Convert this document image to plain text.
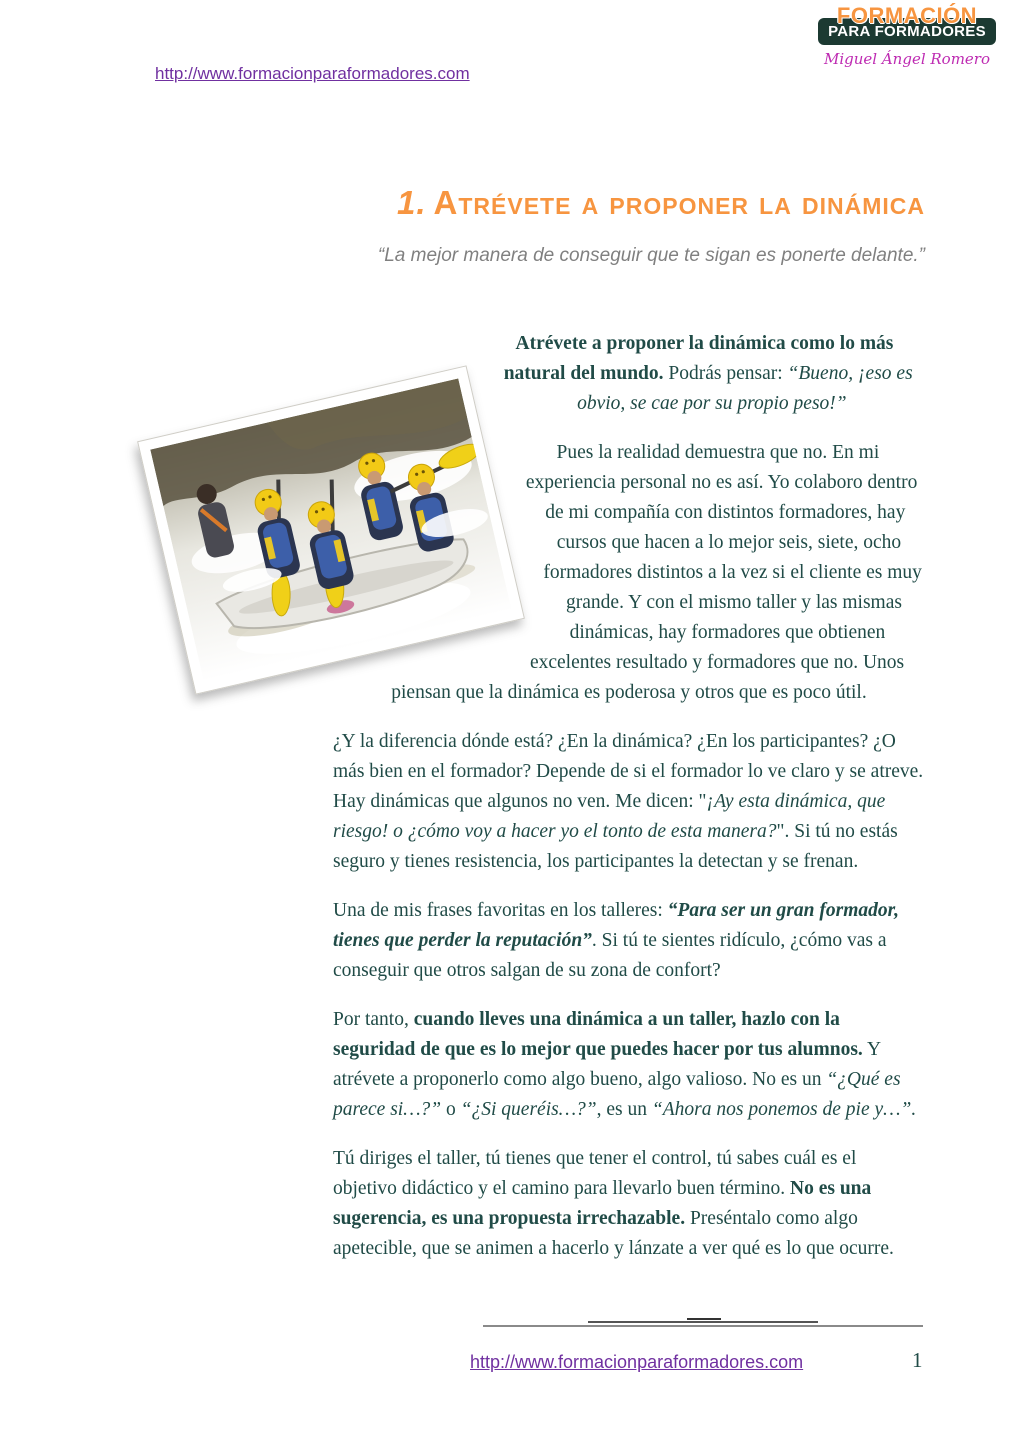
http://www.formacionparaformadores.com
FORMACIÓN
PARA FORMADORES
Miguel Ángel Romero
1. Atrévete a proponer la dinámica

“La mejor manera de conseguir que te sigan es ponerte delante.”

Atrévete a proponer la dinámica como lo más natural del mundo. Podrás pensar: “Bueno, ¡eso es obvio, se cae por su propio peso!”

Pues la realidad demuestra que no. En mi experiencia personal no es así. Yo colaboro dentro de mi compañía con distintos formadores, hay cursos que hacen a lo mejor seis, siete, ocho formadores distintos a la vez si el cliente es muy grande. Y con el mismo taller y las mismas dinámicas, hay formadores que obtienen excelentes resultado y formadores que no. Unos piensan que la dinámica es poderosa y otros que es poco útil.

¿Y la diferencia dónde está? ¿En la dinámica? ¿En los participantes? ¿O más bien en el formador? Depende de si el formador lo ve claro y se atreve. Hay dinámicas que algunos no ven. Me dicen: "¡Ay esta dinámica, que riesgo! o ¿cómo voy a hacer yo el tonto de esta manera?". Si tú no estás seguro y tienes resistencia, los participantes la detectan y se frenan.

Una de mis frases favoritas en los talleres: “Para ser un gran formador, tienes que perder la reputación”. Si tú te sientes ridículo, ¿cómo vas a conseguir que otros salgan de su zona de confort?

Por tanto, cuando lleves una dinámica a un taller, hazlo con la seguridad de que es lo mejor que puedes hacer por tus alumnos. Y atrévete a proponerlo como algo bueno, algo valioso. No es un “¿Qué es parece si…?” o “¿Si queréis…?”, es un “Ahora nos ponemos de pie y…”.

Tú diriges el taller, tú tienes que tener el control, tú sabes cuál es el objetivo didáctico y el camino para llevarlo buen término. No es una sugerencia, es una propuesta irrechazable. Preséntalo como algo apetecible, que se animen a hacerlo y lánzate a ver qué es lo que ocurre.

http://www.formacionparaformadores.com	1
